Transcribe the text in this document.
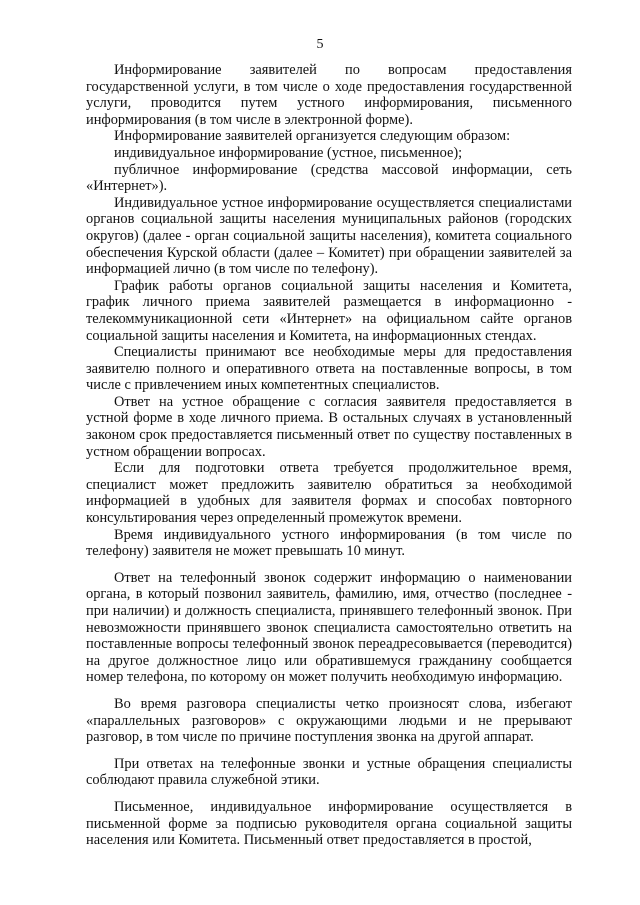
5

Информирование заявителей по вопросам предоставления государственной услуги, в том числе о ходе предоставления государственной услуги, проводится путем устного информирования, письменного информирования (в том числе в электронной форме).

Информирование заявителей организуется следующим образом:

индивидуальное информирование (устное, письменное);

публичное информирование (средства массовой информации, сеть «Интернет»).

Индивидуальное устное информирование осуществляется специалистами органов социальной защиты населения муниципальных районов (городских округов) (далее - орган социальной защиты населения), комитета социального обеспечения Курской области (далее – Комитет) при обращении заявителей за информацией лично (в том числе по телефону).

График работы органов социальной защиты населения и Комитета, график личного приема заявителей размещается в информационно - телекоммуникационной сети «Интернет» на официальном сайте органов социальной защиты населения и Комитета, на информационных стендах.

Специалисты принимают все необходимые меры для предоставления заявителю полного и оперативного ответа на поставленные вопросы, в том числе с привлечением иных компетентных специалистов.

Ответ на устное обращение с согласия заявителя предоставляется в устной форме в ходе личного приема. В остальных случаях в установленный законом срок предоставляется письменный ответ по существу поставленных в устном обращении вопросах.

Если для подготовки ответа требуется продолжительное время, специалист может предложить заявителю обратиться за необходимой информацией в удобных для заявителя формах и способах повторного консультирования через определенный промежуток времени.

Время индивидуального устного информирования (в том числе по телефону) заявителя не может превышать 10 минут.

Ответ на телефонный звонок содержит информацию о наименовании органа, в который позвонил заявитель, фамилию, имя, отчество (последнее - при наличии) и должность специалиста, принявшего телефонный звонок. При невозможности принявшего звонок специалиста самостоятельно ответить на поставленные вопросы телефонный звонок переадресовывается (переводится) на другое должностное лицо или обратившемуся гражданину сообщается номер телефона, по которому он может получить необходимую информацию.

Во время разговора специалисты четко произносят слова, избегают «параллельных разговоров» с окружающими людьми и не прерывают разговор, в том числе по причине поступления звонка на другой аппарат.

При ответах на телефонные звонки и устные обращения специалисты соблюдают правила служебной этики.

Письменное, индивидуальное информирование осуществляется в письменной форме за подписью руководителя органа социальной защиты населения или Комитета. Письменный ответ предоставляется в простой,
